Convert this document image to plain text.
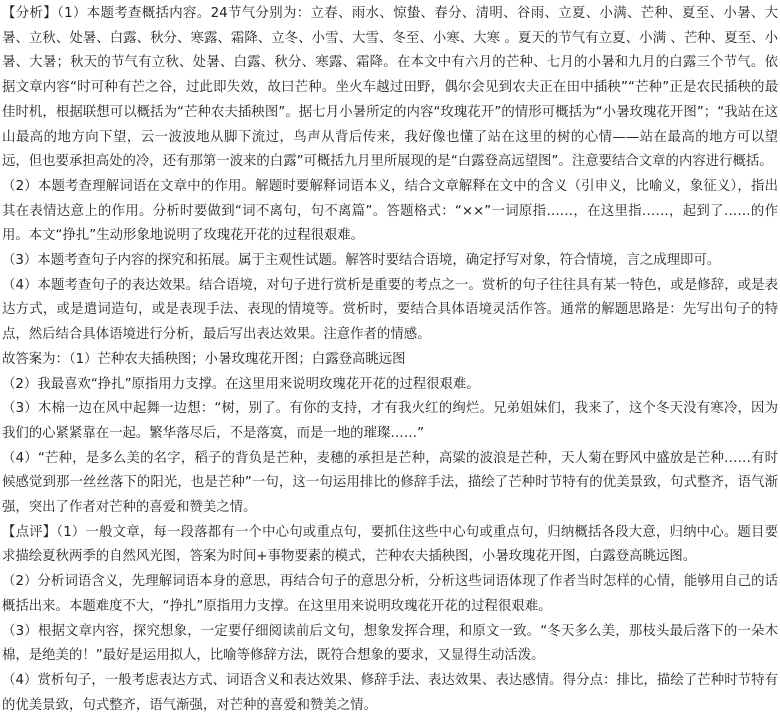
【分析】（1）本题考查概括内容。24节气分别为：立春、雨水、惊蛰、春分、清明、谷雨、立夏、小满、芒种、夏至、小暑、大暑、立秋、处暑、白露、秋分、寒露、霜降、立冬、小雪、大雪、冬至、小寒、大寒 。夏天的节气有立夏、小满 、芒种、夏至、小暑、大暑；秋天的节气有立秋、处暑、白露、秋分、寒露、霜降。在本文中有六月的芒种、七月的小暑和九月的白露三个节气。依据文章内容“时可种有芒之谷，过此即失效，故曰芒种。坐火车越过田野，偶尔会见到农夫正在田中插秧”“芒种”正是农民插秧的最佳时机，根据联想可以概括为“芒种农夫插秧图”。据七月小暑所定的内容“玫瑰花开”的情形可概括为“小暑玫瑰花开图”；“我站在这山最高的地方向下望，云一波波地从脚下流过，鸟声从背后传来，我好像也懂了站在这里的树的心情——站在最高的地方可以望远，但也要承担高处的冷，还有那第一波来的白露”可概括九月里所展现的是“白露登高远望图”。注意要结合文章的内容进行概括。

（2）本题考查理解词语在文章中的作用。解题时要解释词语本义，结合文章解释在文中的含义（引申义，比喻义，象征义），指出其在表情达意上的作用。分析时要做到“词不离句，句不离篇”。答题格式：“××”一词原指……，在这里指……，起到了……的作用。本文“挣扎”生动形象地说明了玫瑰花开花的过程很艰难。

（3）本题考查句子内容的探究和拓展。属于主观性试题。解答时要结合语境，确定抒写对象，符合情境，言之成理即可。

（4）本题考查句子的表达效果。结合语境，对句子进行赏析是重要的考点之一。赏析的句子往往具有某一特色，或是修辞，或是表达方式，或是遣词造句，或是表现手法、表现的情境等。赏析时，要结合具体语境灵活作答。通常的解题思路是：先写出句子的特点，然后结合具体语境进行分析，最后写出表达效果。注意作者的情感。

故答案为：（1）芒种农夫插秧图；小暑玫瑰花开图；白露登高眺远图

（2）我最喜欢“挣扎”原指用力支撑。在这里用来说明玫瑰花开花的过程很艰难。

（3）木棉一边在风中起舞一边想：“树，别了。有你的支持，才有我火红的绚烂。兄弟姐妹们，我来了，这个冬天没有寒冷，因为我们的心紧紧靠在一起。繁华落尽后，不是落寞，而是一地的璀璨……”

（4）“芒种，是多么美的名字，稻子的背负是芒种，麦穗的承担是芒种，高粱的波浪是芒种，天人菊在野风中盛放是芒种……有时候感觉到那一丝丝落下的阳光，也是芒种”一句，这一句运用排比的修辞手法，描绘了芒种时节特有的优美景致，句式整齐，语气渐强，突出了作者对芒种的喜爱和赞美之情。

【点评】（1）一般文章，每一段落都有一个中心句或重点句，要抓住这些中心句或重点句，归纳概括各段大意，归纳中心。题目要求描绘夏秋两季的自然风光图，答案为时间+事物要素的模式，芒种农夫插秧图，小暑玫瑰花开图，白露登高眺远图。

（2）分析词语含义，先理解词语本身的意思，再结合句子的意思分析，分析这些词语体现了作者当时怎样的心情，能够用自己的话概括出来。本题难度不大，“挣扎”原指用力支撑。在这里用来说明玫瑰花开花的过程很艰难。

（3）根据文章内容，探究想象，一定要仔细阅读前后文句，想象发挥合理，和原文一致。“冬天多么美，那枝头最后落下的一朵木棉，是绝美的！”最好是运用拟人，比喻等修辞方法，既符合想象的要求，又显得生动活泼。

（4）赏析句子，一般考虑表达方式、词语含义和表达效果、修辞手法、表达效果、表达感情。得分点：排比，描绘了芒种时节特有的优美景致，句式整齐，语气渐强，对芒种的喜爱和赞美之情。
